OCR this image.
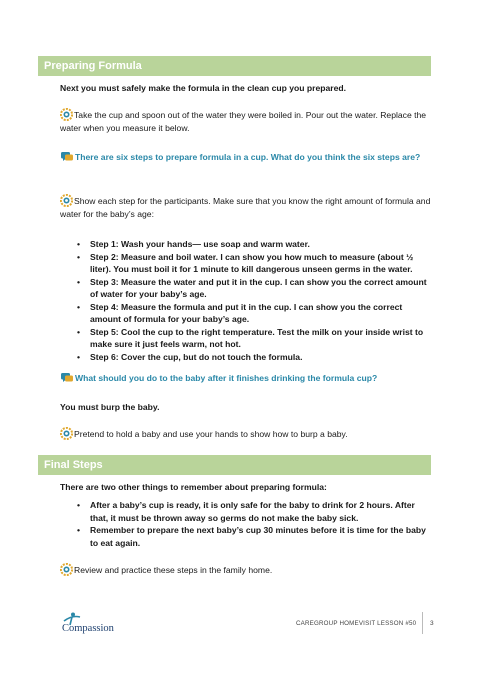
Preparing Formula
Next you must safely make the formula in the clean cup you prepared.
Take the cup and spoon out of the water they were boiled in. Pour out the water. Replace the water when you measure it below.
There are six steps to prepare formula in a cup. What do you think the six steps are?
Show each step for the participants. Make sure that you know the right amount of formula and water for the baby’s age:
• Step 1: Wash your hands— use soap and warm water.
• Step 2: Measure and boil water. I can show you how much to measure (about ½ liter). You must boil it for 1 minute to kill dangerous unseen germs in the water.
• Step 3: Measure the water and put it in the cup. I can show you the correct amount of water for your baby’s age.
• Step 4: Measure the formula and put it in the cup. I can show you the correct amount of formula for your baby’s age.
• Step 5: Cool the cup to the right temperature. Test the milk on your inside wrist to make sure it just feels warm, not hot.
• Step 6: Cover the cup, but do not touch the formula.
What should you do to the baby after it finishes drinking the formula cup?
You must burp the baby.
Pretend to hold a baby and use your hands to show how to burp a baby.
Final Steps
There are two other things to remember about preparing formula:
• After a baby’s cup is ready, it is only safe for the baby to drink for 2 hours. After that, it must be thrown away so germs do not make the baby sick.
• Remember to prepare the next baby’s cup 30 minutes before it is time for the baby to eat again.
Review and practice these steps in the family home.
Compassion	CAREGROUP HOMEVISIT LESSON #50 3
